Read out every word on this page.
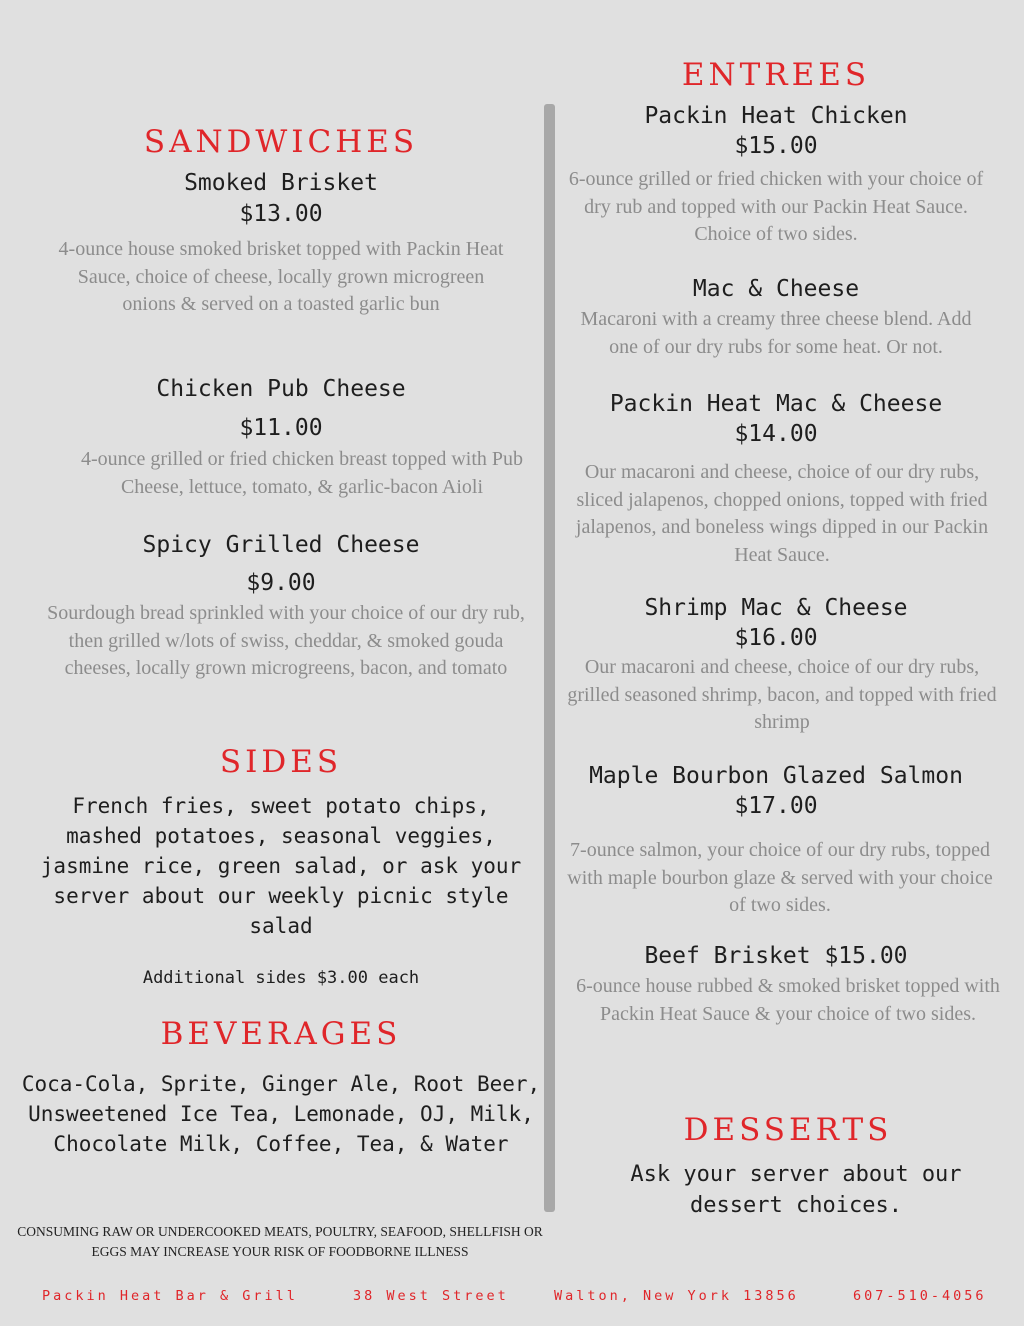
SANDWICHES
Smoked Brisket
$13.00
4-ounce house smoked brisket topped with Packin Heat Sauce, choice of cheese, locally grown microgreen onions & served on a toasted garlic bun
Chicken Pub Cheese
$11.00
4-ounce grilled or fried chicken breast topped with Pub Cheese, lettuce, tomato, & garlic-bacon Aioli
Spicy Grilled Cheese
$9.00
Sourdough bread sprinkled with your choice of our dry rub, then grilled w/lots of swiss, cheddar, & smoked gouda cheeses, locally grown microgreens, bacon, and tomato
SIDES
French fries, sweet potato chips, mashed potatoes, seasonal veggies, jasmine rice, green salad, or ask your server about our weekly picnic style salad
Additional sides $3.00 each
BEVERAGES
Coca-Cola, Sprite, Ginger Ale, Root Beer, Unsweetened Ice Tea, Lemonade, OJ, Milk, Chocolate Milk, Coffee, Tea, & Water
CONSUMING RAW OR UNDERCOOKED MEATS, POULTRY, SEAFOOD, SHELLFISH OR EGGS MAY INCREASE YOUR RISK OF FOODBORNE ILLNESS
ENTREES
Packin Heat Chicken
$15.00
6-ounce grilled or fried chicken with your choice of dry rub and topped with our Packin Heat Sauce. Choice of two sides.
Mac & Cheese
Macaroni with a creamy three cheese blend. Add one of our dry rubs for some heat. Or not.
Packin Heat Mac & Cheese
$14.00
Our macaroni and cheese, choice of our dry rubs, sliced jalapenos, chopped onions, topped with fried jalapenos, and boneless wings dipped in our Packin Heat Sauce.
Shrimp Mac & Cheese
$16.00
Our macaroni and cheese, choice of our dry rubs, grilled seasoned shrimp, bacon, and topped with fried shrimp
Maple Bourbon Glazed Salmon
$17.00
7-ounce salmon, your choice of our dry rubs, topped with maple bourbon glaze & served with your choice of two sides.
Beef Brisket $15.00
6-ounce house rubbed & smoked brisket topped with Packin Heat Sauce & your choice of two sides.
DESSERTS
Ask your server about our dessert choices.
Packin Heat Bar & Grill	38 West Street	Walton, New York 13856	607-510-4056
